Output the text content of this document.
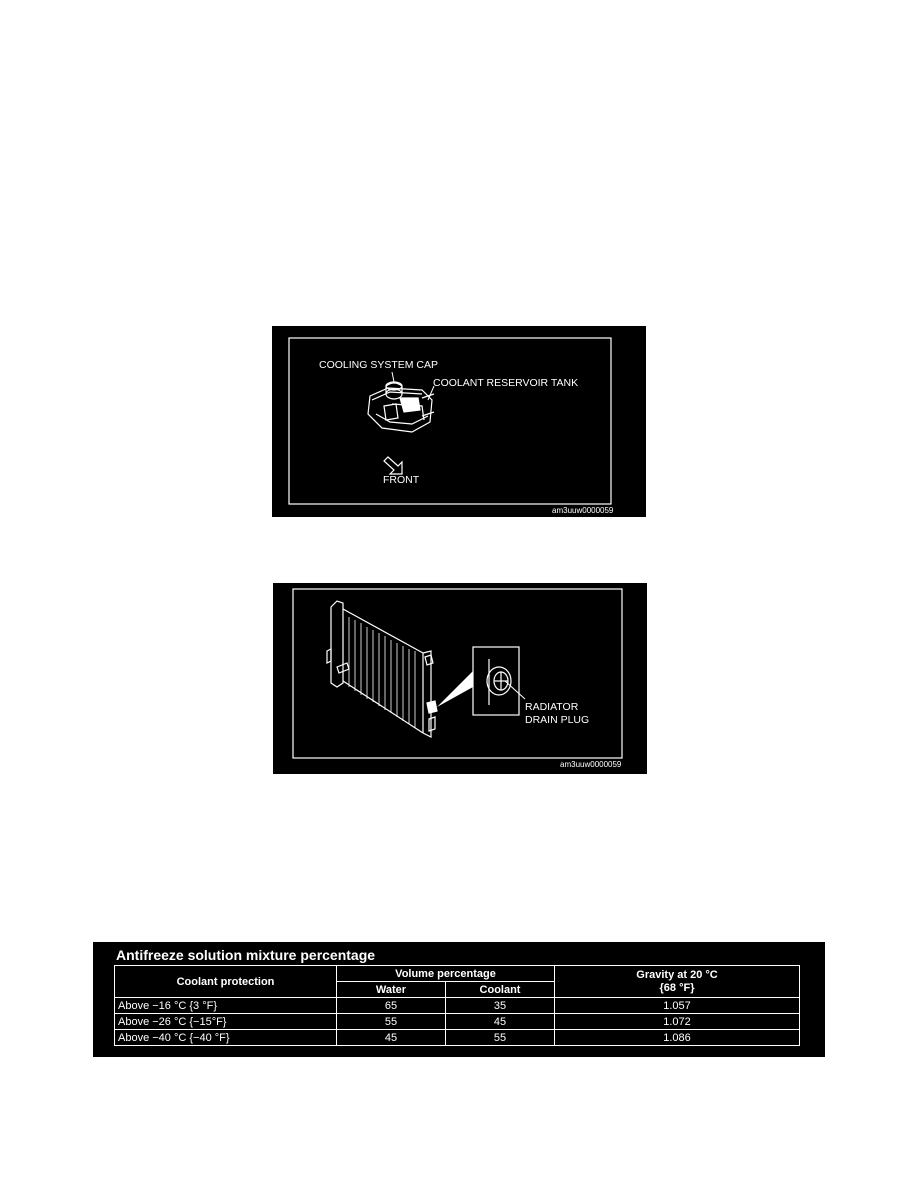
COOLING SYSTEM CAP
COOLANT RESERVOIR TANK
FRONT
am3uuw0000059
RADIATOR
DRAIN PLUG
am3uuw0000059
Antifreeze solution mixture percentage
Coolant protection	Volume percentage		Gravity at 20 °C
{68 °F}
	Water	Coolant	
Above −16 °C {3 °F}	65	35	1.057
Above −26 °C {−15°F}	55	45	1.072
Above −40 °C {−40 °F}	45	55	1.086
